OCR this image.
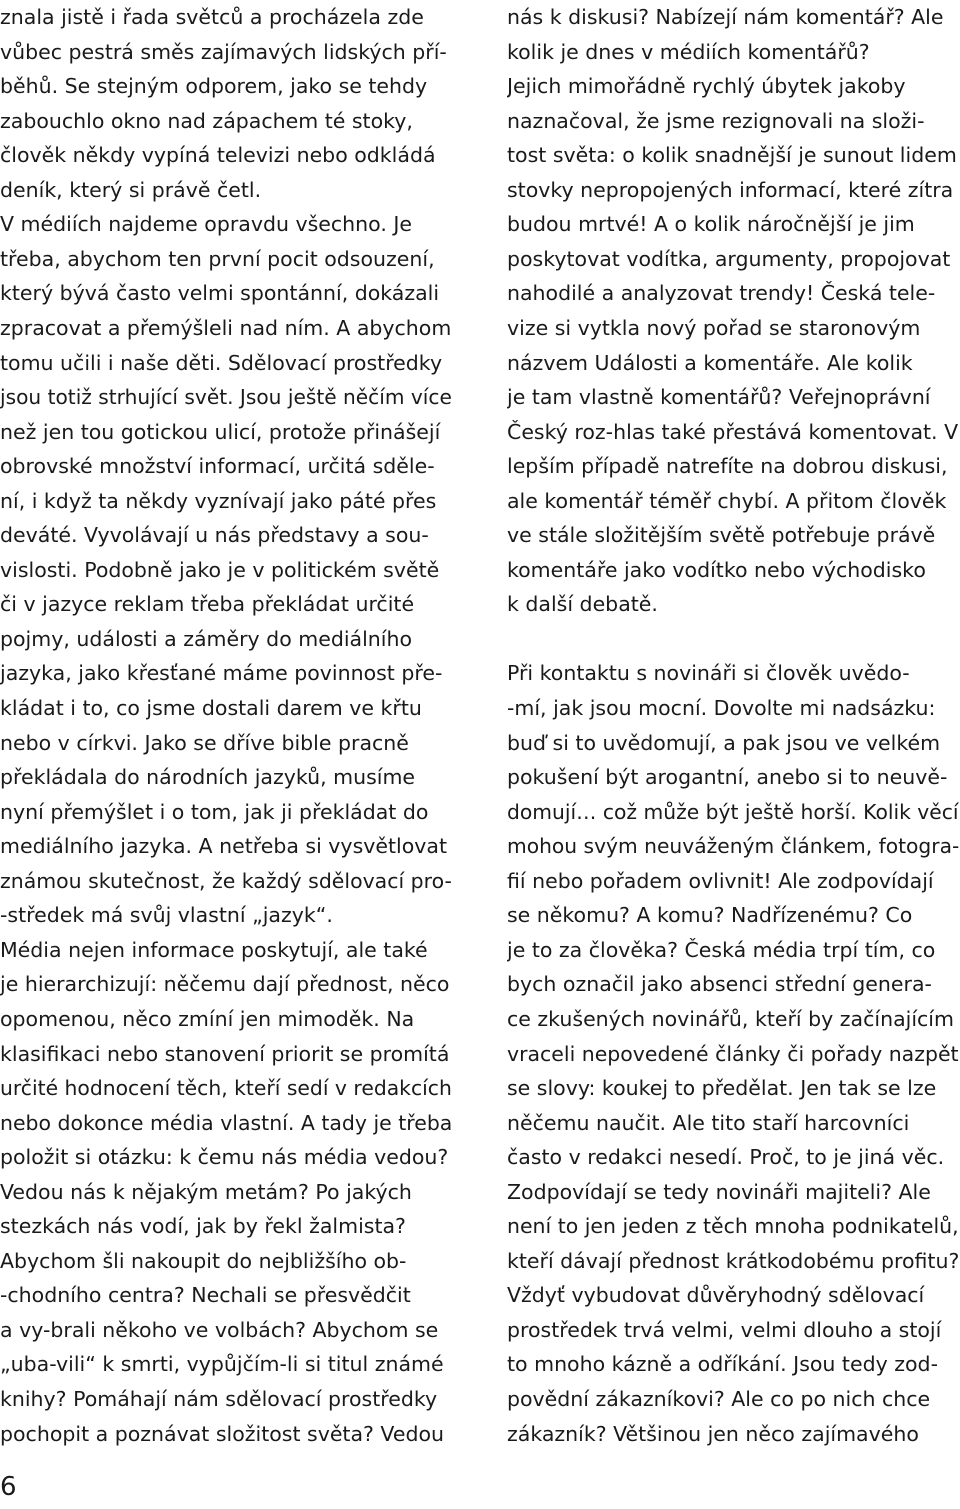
znala jistě i řada světců a procházela zde
vůbec pestrá směs zajímavých lidských pří-
běhů. Se stejným odporem, jako se tehdy
zabouchlo okno nad zápachem té stoky,
člověk někdy vypíná televizi nebo odkládá
deník, který si právě četl.
V médiích najdeme opravdu všechno. Je
třeba, abychom ten první pocit odsouzení,
který bývá často velmi spontánní, dokázali
zpracovat a přemýšleli nad ním. A abychom
tomu učili i naše děti. Sdělovací prostředky
jsou totiž strhující svět. Jsou ještě něčím více
než jen tou gotickou ulicí, protože přinášejí
obrovské množství informací, určitá sděle-
ní, i když ta někdy vyznívají jako páté přes
deváté. Vyvolávají u nás představy a sou-
vislosti. Podobně jako je v politickém světě
či v jazyce reklam třeba překládat určité
pojmy, události a záměry do mediálního
jazyka, jako křesťané máme povinnost pře-
kládat i to, co jsme dostali darem ve křtu
nebo v církvi. Jako se dříve bible pracně
překládala do národních jazyků, musíme
nyní přemýšlet i o tom, jak ji překládat do
mediálního jazyka. A netřeba si vysvětlovat
známou skutečnost, že každý sdělovací pro-
-středek má svůj vlastní „jazyk“.
Média nejen informace poskytují, ale také
je hierarchizují: něčemu dají přednost, něco
opomenou, něco zmíní jen mimoděk. Na
klasifikaci nebo stanovení priorit se promítá
určité hodnocení těch, kteří sedí v redakcích
nebo dokonce média vlastní. A tady je třeba
položit si otázku: k čemu nás média vedou?
Vedou nás k nějakým metám? Po jakých
stezkách nás vodí, jak by řekl žalmista?
Abychom šli nakoupit do nejbližšího ob-
-chodního centra? Nechali se přesvědčit
a vy-brali někoho ve volbách? Abychom se
„uba-vili“ k smrti, vypůjčím-li si titul známé
knihy? Pomáhají nám sdělovací prostředky
pochopit a poznávat složitost světa? Vedou
nás k diskusi? Nabízejí nám komentář? Ale
kolik je dnes v médiích komentářů?
Jejich mimořádně rychlý úbytek jakoby
naznačoval, že jsme rezignovali na složi-
tost světa: o kolik snadnější je sunout lidem
stovky nepropojených informací, které zítra
budou mrtvé! A o kolik náročnější je jim
poskytovat vodítka, argumenty, propojovat
nahodilé a analyzovat trendy! Česká tele-
vize si vytkla nový pořad se staronovým
názvem Události a komentáře. Ale kolik
je tam vlastně komentářů? Veřejnoprávní
Český roz-hlas také přestává komentovat. V
lepším případě natrefíte na dobrou diskusi,
ale komentář téměř chybí. A přitom člověk
ve stále složitějším světě potřebuje právě
komentáře jako vodítko nebo východisko
k další debatě.
Při kontaktu s novináři si člověk uvědo-
-mí, jak jsou mocní. Dovolte mi nadsázku:
buď si to uvědomují, a pak jsou ve velkém
pokušení být arogantní, anebo si to neuvě-
domují… což může být ještě horší. Kolik věcí
mohou svým neuváženým článkem, fotogra-
fií nebo pořadem ovlivnit! Ale zodpovídají
se někomu? A komu? Nadřízenému? Co
je to za člověka? Česká média trpí tím, co
bych označil jako absenci střední genera-
ce zkušených novinářů, kteří by začínajícím
vraceli nepovedené články či pořady nazpět
se slovy: koukej to předělat. Jen tak se lze
něčemu naučit. Ale tito staří harcovníci
často v redakci nesedí. Proč, to je jiná věc.
Zodpovídají se tedy novináři majiteli? Ale
není to jen jeden z těch mnoha podnikatelů,
kteří dávají přednost krátkodobému profitu?
Vždyť vybudovat důvěryhodný sdělovací
prostředek trvá velmi, velmi dlouho a stojí
to mnoho kázně a odříkání. Jsou tedy zod-
povědní zákazníkovi? Ale co po nich chce
zákazník? Většinou jen něco zajímavého
6
